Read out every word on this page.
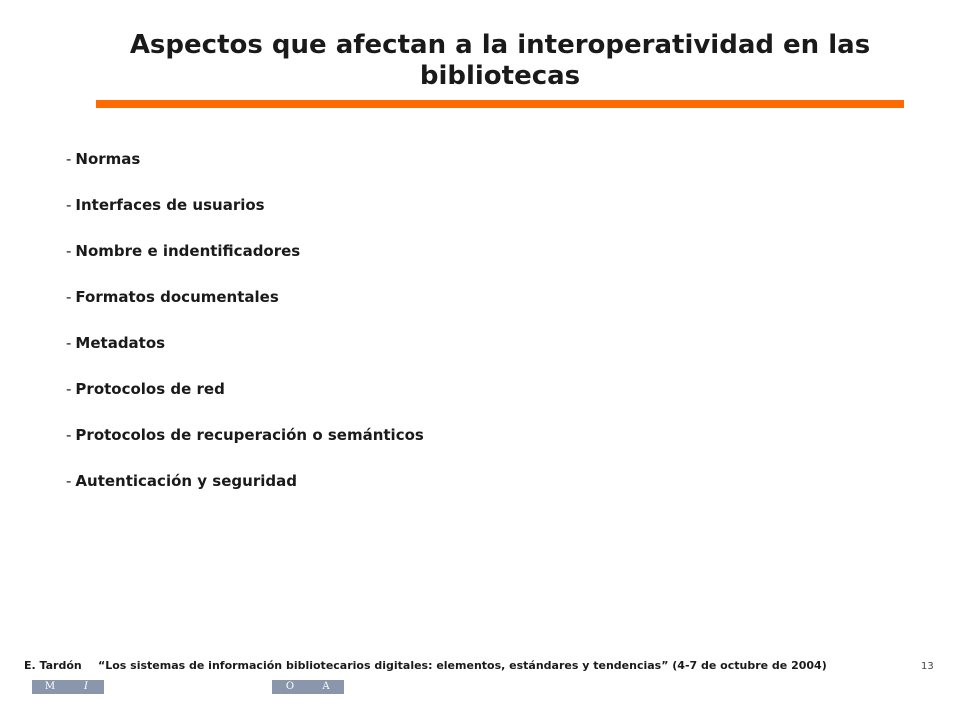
Aspectos que afectan a la interoperatividad en las bibliotecas
- Normas
- Interfaces de usuarios
- Nombre e indentificadores
- Formatos documentales
- Metadatos
- Protocolos de red
- Protocolos de recuperación o semánticos
- Autenticación y seguridad
E. Tardón “Los sistemas de información bibliotecarios digitales: elementos, estándares y tendencias” (4-7 de octubre de 2004)	13
M	I	O	A
